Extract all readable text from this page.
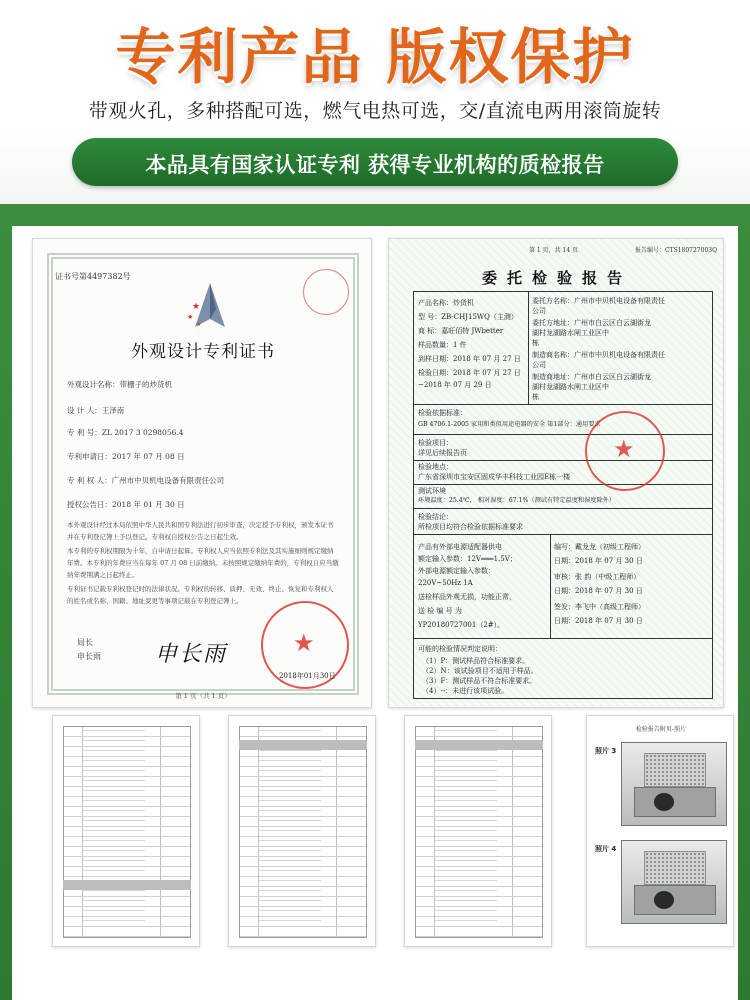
专利产品 版权保护
带观火孔，多种搭配可选，燃气电热可选，交/直流电两用滚筒旋转
本品具有国家认证专利 获得专业机构的质检报告
证书号第4497382号
★
★
★
外观设计专利证书
外观设计名称：带栅子的炒货机
设 计 人：王泽南
专 利 号：ZL 2017 3 0298056.4
专利申请日：2017 年 07 月 08 日
专 利 权 人：广州市中贝机电设备有限责任公司
授权公告日：2018 年 01 月 30 日
本外观设计经过本局依照中华人民共和国专利法进行初步审查，决定授予专利权，颁发本证书并在专利登记簿上予以登记。专利权自授权公告之日起生效。
本专利的专利权期限为十年，自申请日起算。专利权人应当依照专利法及其实施细则规定缴纳年费。本专利的年费应当在每年 07 月 08 日前缴纳。未按照规定缴纳年费的，专利权自应当缴纳年费期满之日起终止。
专利证书记载专利权登记时的法律状况。专利权的转移、质押、无效、终止、恢复和专利权人的姓名或名称、国籍、地址变更等事项记载在专利登记簿上。
局长
申长雨 申长雨	★
2018年01月30日
第 1 页（共 1 页）
第 1 页，共 14 页	报告编号：CTS180727003Q
委托检验报告
产品名称：炒货机
型 号：ZB-CHJ15WQ（主测）
商 标：嘉旺佰特 JWbetter
样品数量：1 件
到样日期：2018 年 07 月 27 日
检验日期：2018 年 07 月 27 日
~2018 年 07 月 29 日
委托方名称：广州市中贝机电设备有限责任
公司
委托方地址：广州市白云区白云湖街龙
湖村龙湖路水闸工业区中
栋
制造商名称：广州市中贝机电设备有限责任
公司
制造商地址：广州市白云区白云湖街龙
湖村龙湖路水闸工业区中
栋
检验依据标准：
GB 4706.1-2005 家用和类似用途电器的安全 第1部分：通用要求
检验项目：
详见后续报告页
检验地点：
广东省深圳市宝安区固戍华丰科技工业园E栋一楼
测试环境
环境温度：25.4℃， 相对湿度：67.1%（测试有特定温度和湿度除外）
检验结论：
所检项目均符合检验依据标准要求
产品有外部电源适配器供电
额定输入参数：12V═══1.5V；
外部电源额定输入参数：
220V~50Hz 1A
送检样品外观无损，功能正常，
送 检 编 号 为
YP20180727001（2#）。
编写：戴龙龙（初级工程师）
日期：2018 年 07 月 30 日
审核：张 韵（中级工程师）
日期：2018 年 07 月 30 日
签发：李飞中（高级工程师）
日期：2018 年 07 月 30 日
可能的检验情况判定说明：
（1）P：测试样品符合标准要求。
（2）N：该试验项目不适用于样品。
（3）F：测试样品不符合标准要求。
（4）--：未进行该项试验。
★
检验报告附页-照片
照片 3
照片 4
